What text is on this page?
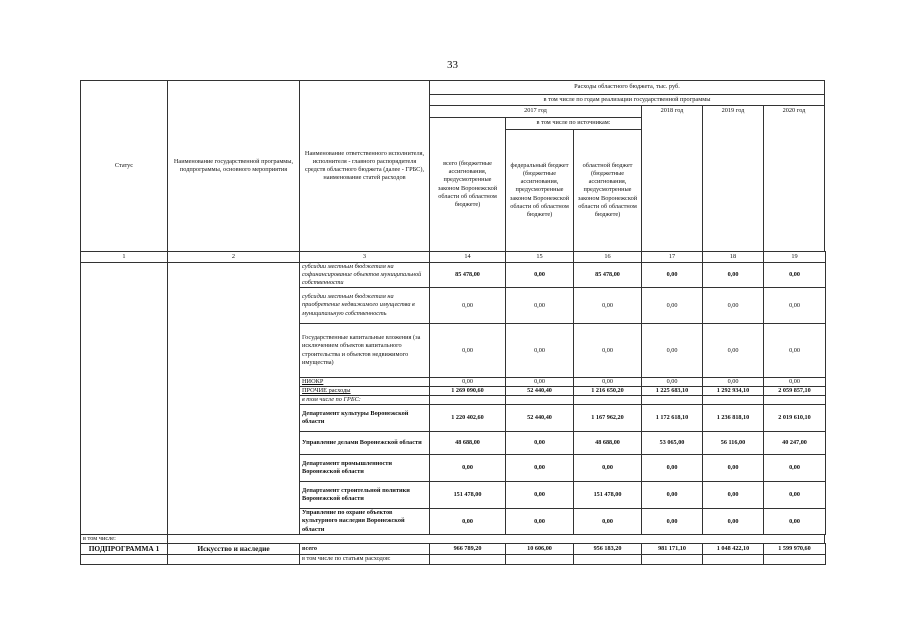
33
Статус
Наименование государственной программы, подпрограммы, основного мероприятия
Наименование ответственного исполнителя, исполнителя - главного распорядителя средств областного бюджета (далее - ГРБС), наименование статей расходов
Расходы областного бюджета, тыс. руб.
в том числе по годам реализации государственной программы
2017 год
в том числе по источникам:
всего (бюджетные ассигнования, предусмотренные законом Воронежской области об областном бюджете)
федеральный бюджет (бюджетные ассигнования, предусмотренные законом Воронежской области об областном бюджете)
областной бюджет (бюджетные ассигнования, предусмотренные законом Воронежской области об областном бюджете)
2018 год	2019 год	2020 год
1	2	3	14	15	16	17	18	19
субсидии местным бюджетам на софинансирование объектов муниципальной собственности
85 478,00	0,00	85 478,00	0,00	0,00	0,00
субсидии местным бюджетам на приобретение недвижимого имущества в муниципальную собственность
0,00	0,00	0,00	0,00	0,00	0,00
Государственные капитальные вложения (за исключением объектов капитального строительства и объектов недвижимого имущества)
0,00	0,00	0,00	0,00	0,00	0,00
НИОКР	0,00	0,00	0,00	0,00	0,00	0,00
ПРОЧИЕ расходы	1 269 090,60	52 440,40	1 216 650,20	1 225 683,10	1 292 934,10	2 059 857,10
в том числе по ГРБС:
Департамент культуры Воронежской области
1 220 402,60	52 440,40	1 167 962,20	1 172 618,10	1 236 818,10	2 019 610,10
Управление делами Воронежской области	48 688,00	0,00	48 688,00	53 065,00	56 116,00	40 247,00
Департамент промышленности Воронежской области
0,00	0,00	0,00	0,00	0,00	0,00
Департамент строительной политики Воронежской области
151 478,00	0,00	151 478,00	0,00	0,00	0,00
Управление по охране объектов культурного наследия Воронежской области
0,00	0,00	0,00	0,00	0,00	0,00
в том числе:
ПОДПРОГРАММА 1	Искусство и наследие	всего	966 789,20	10 606,00	956 183,20	981 171,10	1 048 422,10	1 599 970,60
в том числе по статьям расходов:
